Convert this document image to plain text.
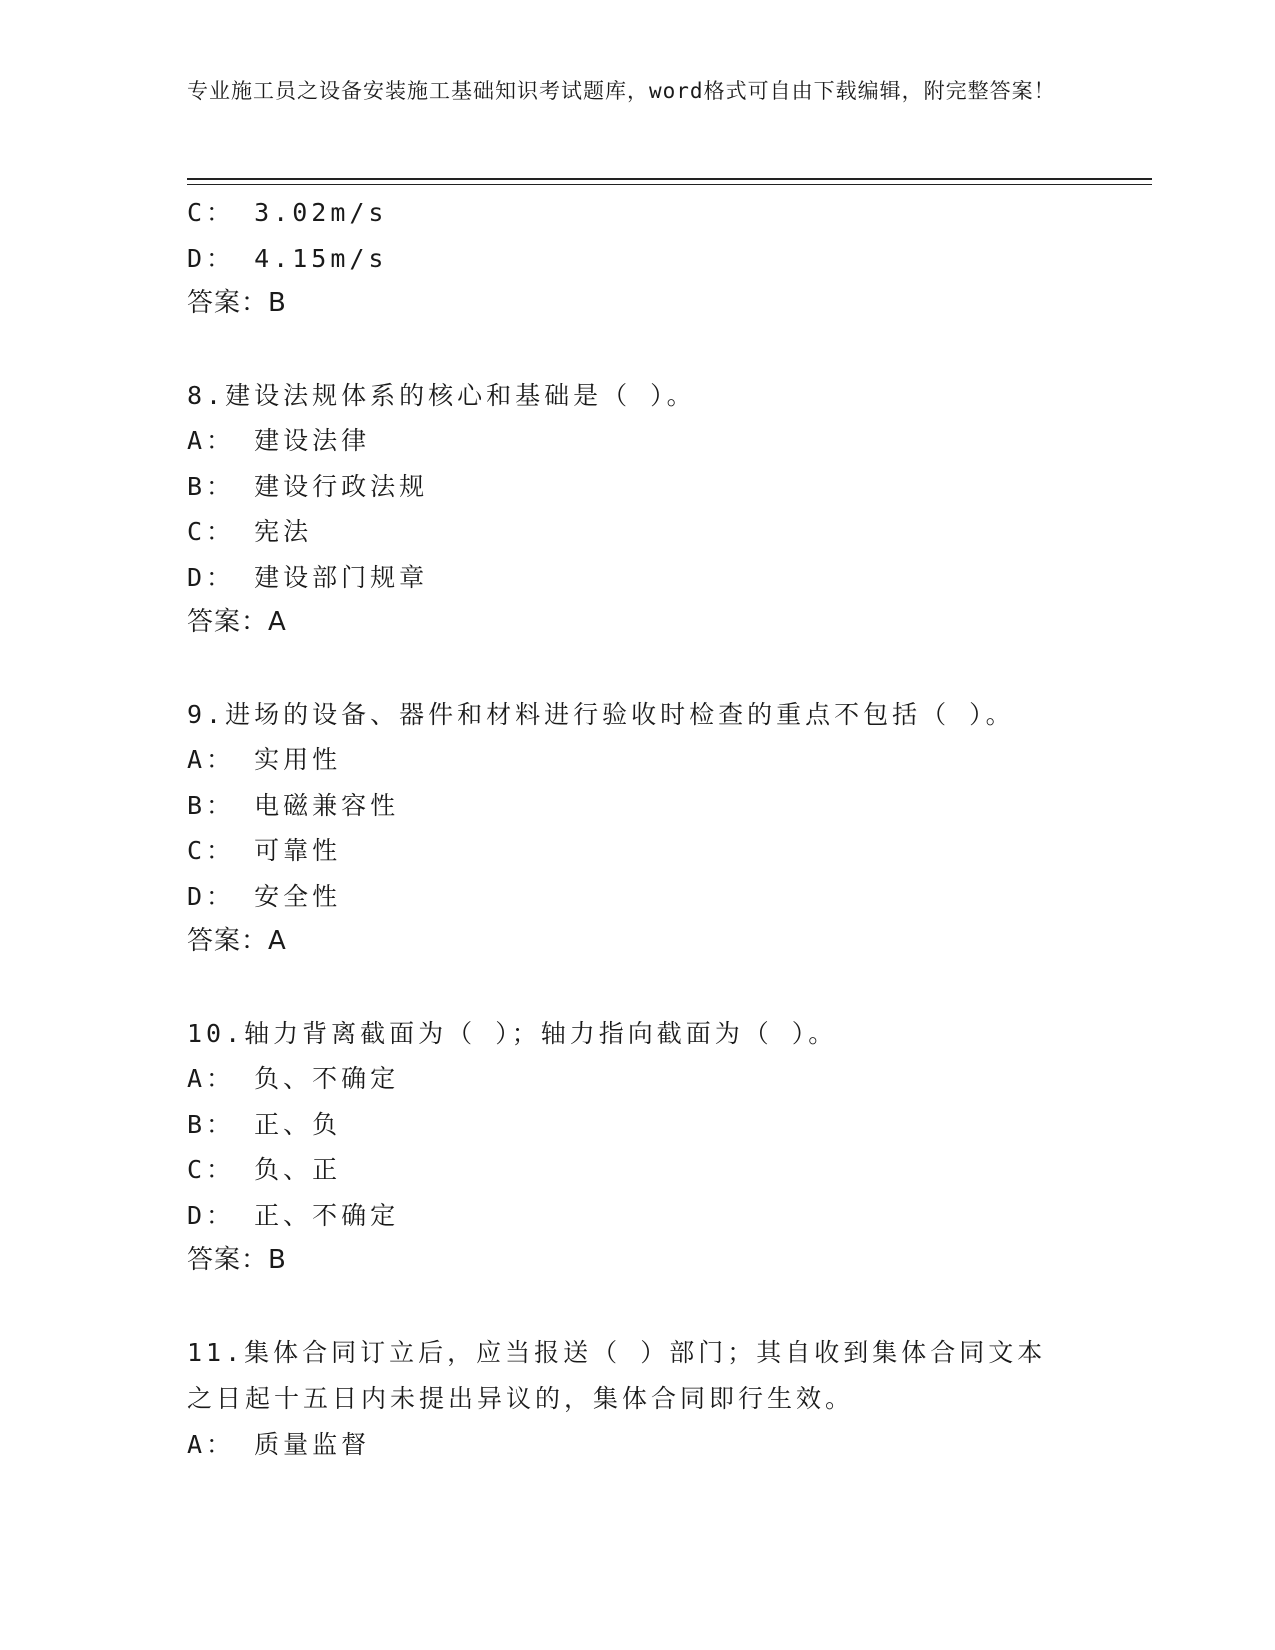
专业施工员之设备安装施工基础知识考试题库，word格式可自由下载编辑，附完整答案！
C： 3.02m/s
D： 4.15m/s
答案：B
8.建设法规体系的核心和基础是（ ）。
A： 建设法律
B： 建设行政法规
C： 宪法
D： 建设部门规章
答案：A
9.进场的设备、器件和材料进行验收时检查的重点不包括（ ）。
A： 实用性
B： 电磁兼容性
C： 可靠性
D： 安全性
答案：A
10.轴力背离截面为（ ）；轴力指向截面为（ ）。
A： 负、不确定
B： 正、负
C： 负、正
D： 正、不确定
答案：B
11.集体合同订立后，应当报送（ ）部门；其自收到集体合同文本之日起十五日内未提出异议的，集体合同即行生效。
A： 质量监督
